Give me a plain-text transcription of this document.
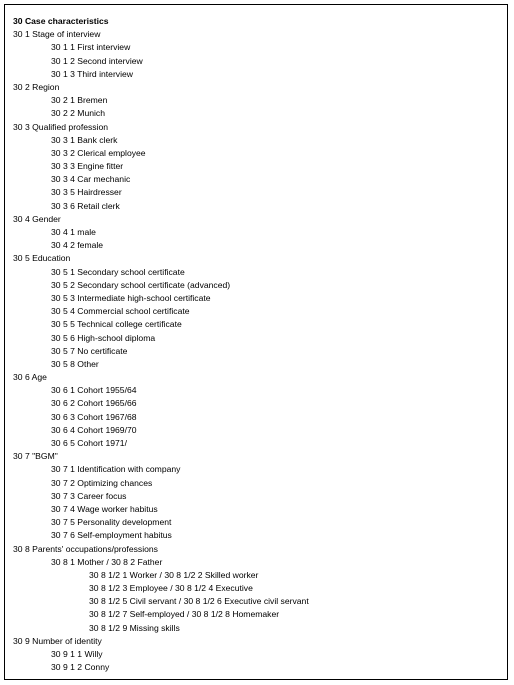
30 Case characteristics
30 1 Stage of interview
30 1 1 First interview
30 1 2 Second interview
30 1 3 Third interview
30 2 Region
30 2 1 Bremen
30 2 2 Munich
30 3 Qualified profession
30 3 1 Bank clerk
30 3 2 Clerical employee
30 3 3 Engine fitter
30 3 4 Car mechanic
30 3 5 Hairdresser
30 3 6 Retail clerk
30 4 Gender
30 4 1 male
30 4 2 female
30 5 Education
30 5 1 Secondary school certificate
30 5 2 Secondary school certificate (advanced)
30 5 3 Intermediate high-school certificate
30 5 4 Commercial school certificate
30 5 5 Technical college certificate
30 5 6 High-school diploma
30 5 7 No certificate
30 5 8 Other
30 6 Age
30 6 1 Cohort 1955/64
30 6 2 Cohort 1965/66
30 6 3 Cohort 1967/68
30 6 4 Cohort 1969/70
30 6 5 Cohort 1971/
30 7 "BGM"
30 7 1 Identification with company
30 7 2 Optimizing chances
30 7 3 Career focus
30 7 4 Wage worker habitus
30 7 5 Personality development
30 7 6 Self-employment habitus
30 8 Parents' occupations/professions
30 8 1 Mother / 30 8 2 Father
30 8 1/2 1 Worker / 30 8 1/2 2 Skilled worker
30 8 1/2 3 Employee / 30 8 1/2 4 Executive
30 8 1/2 5 Civil servant / 30 8 1/2 6 Executive civil servant
30 8 1/2 7 Self-employed / 30 8 1/2 8 Homemaker
30 8 1/2 9 Missing skills
30 9 Number of identity
30 9 1 1 Willy
30 9 1 2 Conny
